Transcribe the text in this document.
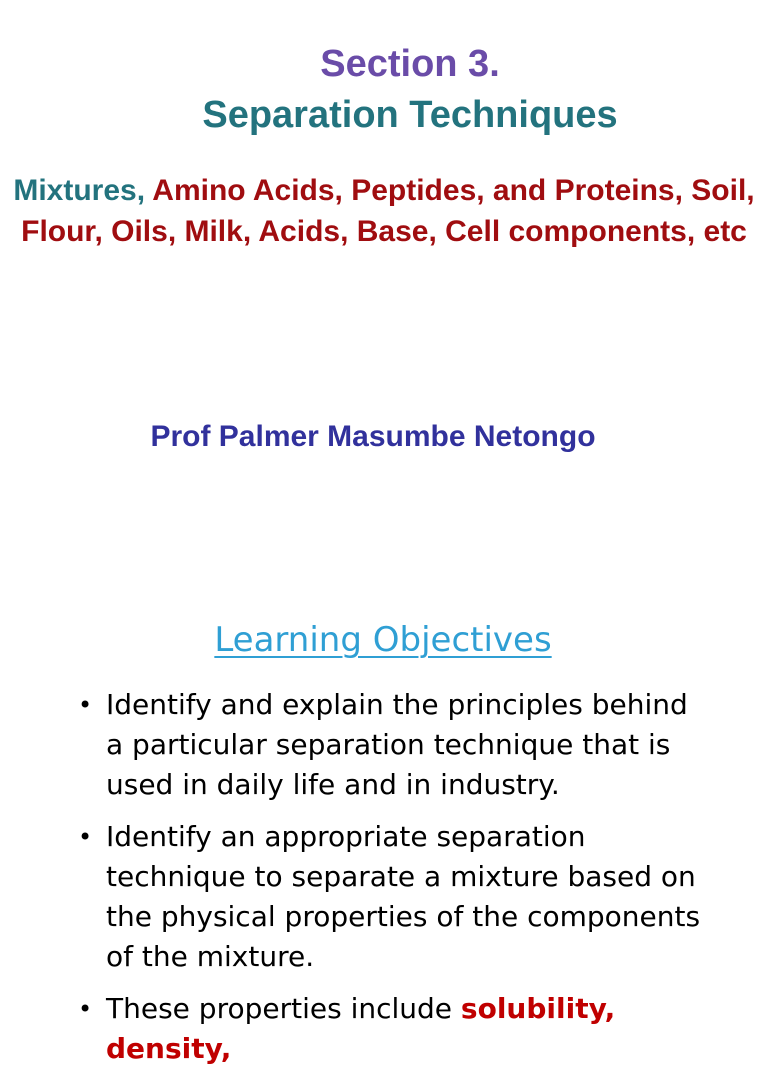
Section 3.
Separation Techniques
Mixtures, Amino Acids, Peptides, and Proteins, Soil, Flour, Oils, Milk, Acids, Base, Cell components, etc
Prof Palmer Masumbe Netongo
Learning Objectives
• Identify and explain the principles behind a particular separation technique that is used in daily life and in industry.
• Identify an appropriate separation technique to separate a mixture based on the physical properties of the components of the mixture.
• These properties include solubility, density,
